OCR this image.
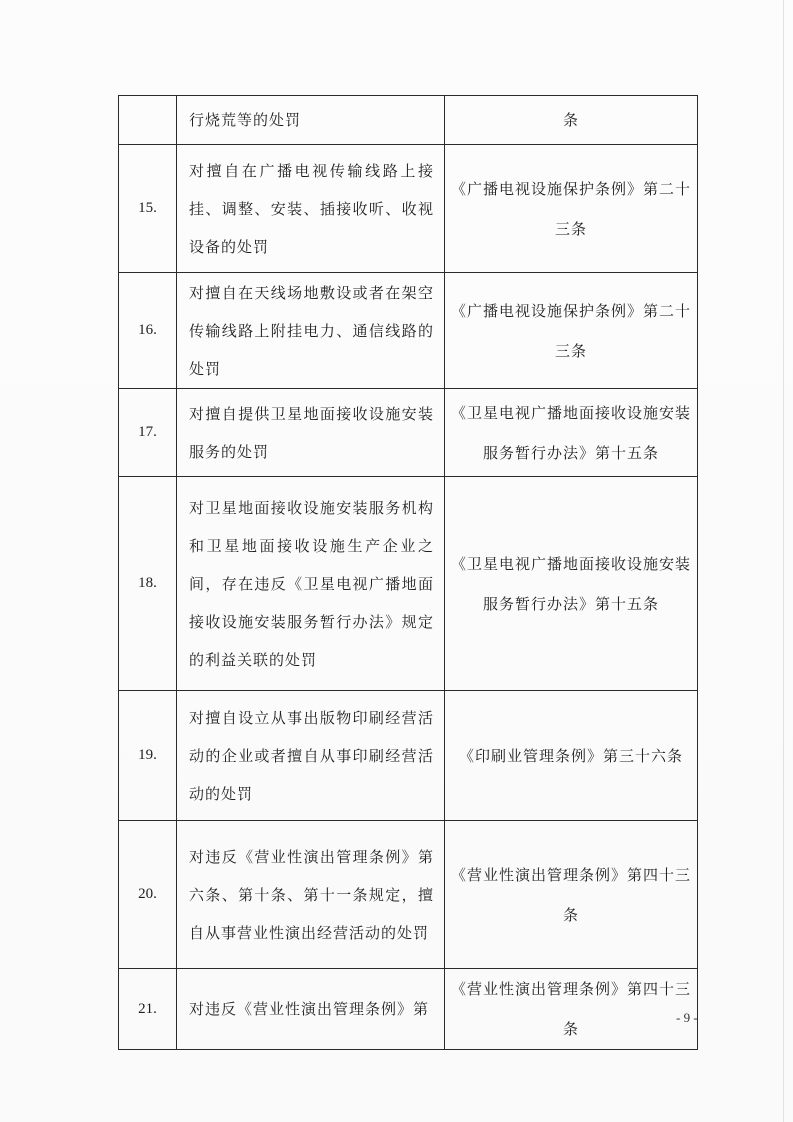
	行烧荒等的处罚	条
15.	对擅自在广播电视传输线路上接挂、调整、安装、插接收听、收视设备的处罚	《广播电视设施保护条例》第二十三条
16.	对擅自在天线场地敷设或者在架空传输线路上附挂电力、通信线路的处罚	《广播电视设施保护条例》第二十三条
17.	对擅自提供卫星地面接收设施安装服务的处罚	《卫星电视广播地面接收设施安装服务暂行办法》第十五条
18.	对卫星地面接收设施安装服务机构和卫星地面接收设施生产企业之间，存在违反《卫星电视广播地面接收设施安装服务暂行办法》规定的利益关联的处罚	《卫星电视广播地面接收设施安装服务暂行办法》第十五条
19.	对擅自设立从事出版物印刷经营活动的企业或者擅自从事印刷经营活动的处罚	《印刷业管理条例》第三十六条
20.	对违反《营业性演出管理条例》第六条、第十条、第十一条规定，擅自从事营业性演出经营活动的处罚	《营业性演出管理条例》第四十三条
21.	对违反《营业性演出管理条例》第	《营业性演出管理条例》第四十三条
- 9 -
